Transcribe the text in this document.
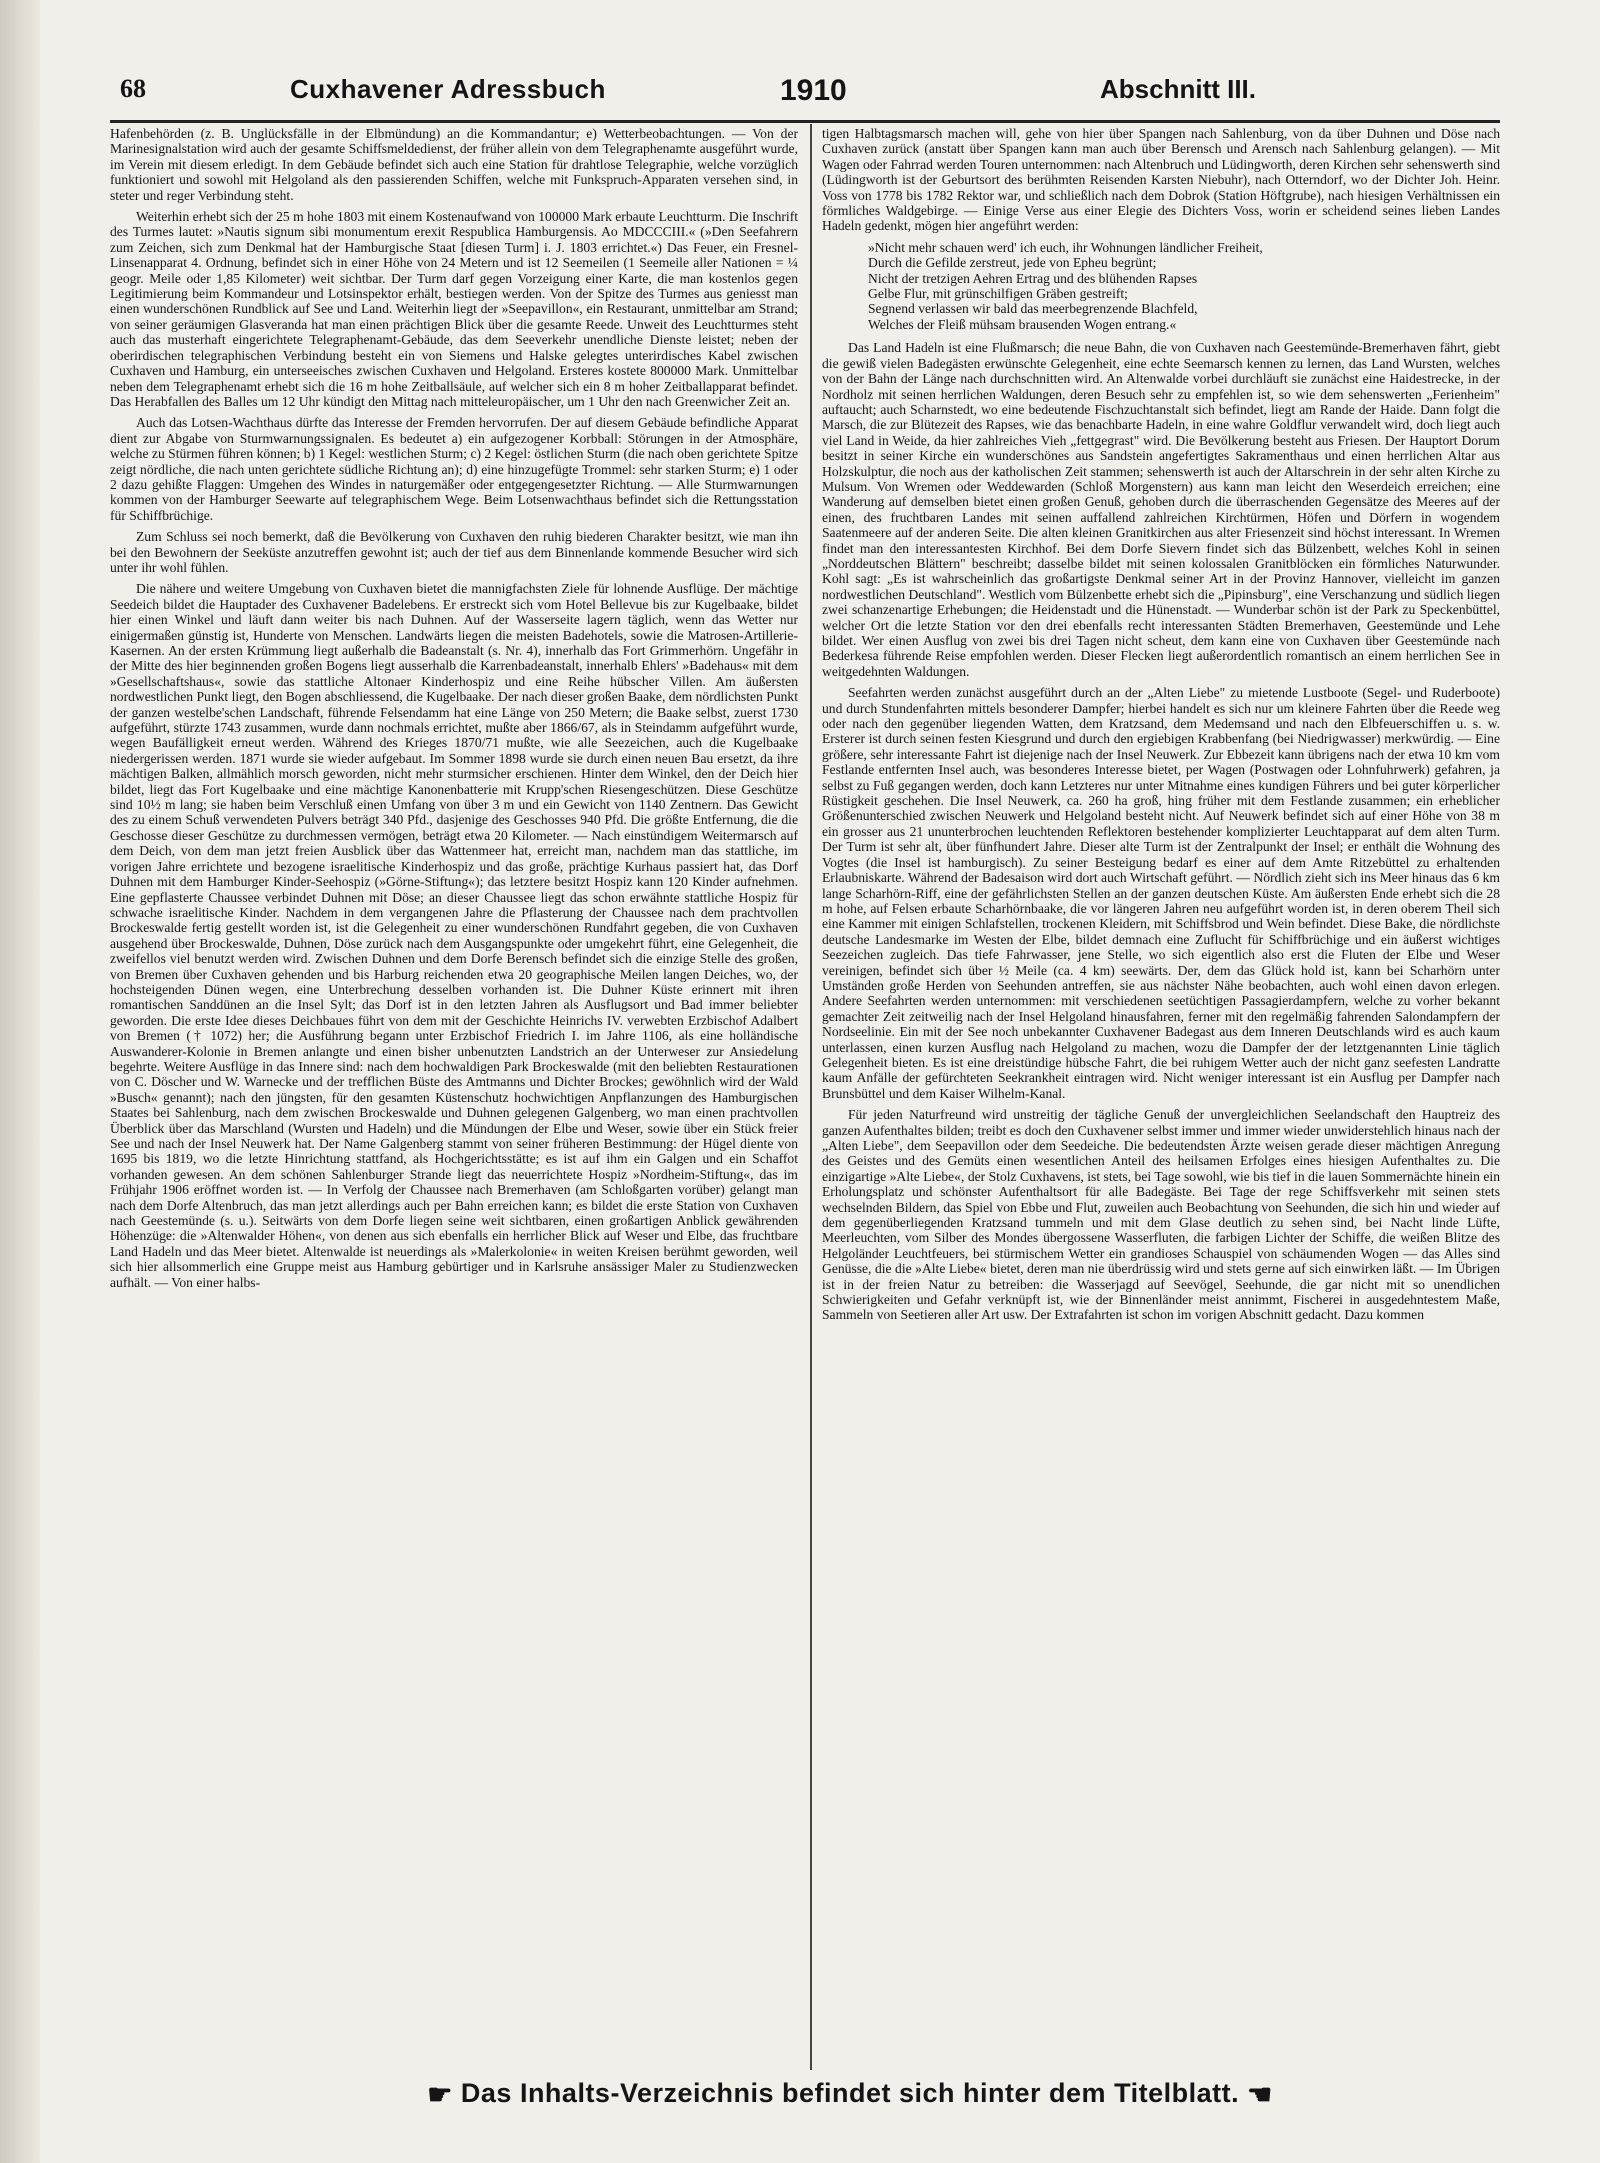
68	Cuxhavener Adressbuch	1910	Abschnitt III.

Hafenbehörden (z. B. Unglücksfälle in der Elbmündung) an die Kommandantur; e) Wetterbeobachtungen. — Von der Marinesignalstation wird auch der gesamte Schiffsmeldedienst, der früher allein von dem Telegraphenamte ausgeführt wurde, im Verein mit diesem erledigt. In dem Gebäude befindet sich auch eine Station für drahtlose Telegraphie, welche vorzüglich funktioniert und sowohl mit Helgoland als den passierenden Schiffen, welche mit Funkspruch-Apparaten versehen sind, in steter und reger Verbindung steht.

Weiterhin erhebt sich der 25 m hohe 1803 mit einem Kostenaufwand von 100000 Mark erbaute Leuchtturm. Die Inschrift des Turmes lautet: »Nautis signum sibi monumentum erexit Respublica Hamburgensis. Ao MDCCCIII.« (»Den Seefahrern zum Zeichen, sich zum Denkmal hat der Hamburgische Staat [diesen Turm] i. J. 1803 errichtet.«) Das Feuer, ein Fresnel-Linsenapparat 4. Ordnung, befindet sich in einer Höhe von 24 Metern und ist 12 Seemeilen (1 Seemeile aller Nationen = ¼ geogr. Meile oder 1,85 Kilometer) weit sichtbar. Der Turm darf gegen Vorzeigung einer Karte, die man kostenlos gegen Legitimierung beim Kommandeur und Lotsinspektor erhält, bestiegen werden. Von der Spitze des Turmes aus geniesst man einen wunderschönen Rundblick auf See und Land. Weiterhin liegt der »Seepavillon«, ein Restaurant, unmittelbar am Strand; von seiner geräumigen Glasveranda hat man einen prächtigen Blick über die gesamte Reede. Unweit des Leuchtturmes steht auch das musterhaft eingerichtete Telegraphenamt-Gebäude, das dem Seeverkehr unendliche Dienste leistet; neben der oberirdischen telegraphischen Verbindung besteht ein von Siemens und Halske gelegtes unterirdisches Kabel zwischen Cuxhaven und Hamburg, ein unterseeisches zwischen Cuxhaven und Helgoland. Ersteres kostete 800000 Mark. Unmittelbar neben dem Telegraphenamt erhebt sich die 16 m hohe Zeitballsäule, auf welcher sich ein 8 m hoher Zeitballapparat befindet. Das Herabfallen des Balles um 12 Uhr kündigt den Mittag nach mitteleuropäischer, um 1 Uhr den nach Greenwicher Zeit an.

Auch das Lotsen-Wachthaus dürfte das Interesse der Fremden hervorrufen. Der auf diesem Gebäude befindliche Apparat dient zur Abgabe von Sturmwarnungssignalen. Es bedeutet a) ein aufgezogener Korbball: Störungen in der Atmosphäre, welche zu Stürmen führen können; b) 1 Kegel: westlichen Sturm; c) 2 Kegel: östlichen Sturm (die nach oben gerichtete Spitze zeigt nördliche, die nach unten gerichtete südliche Richtung an); d) eine hinzugefügte Trommel: sehr starken Sturm; e) 1 oder 2 dazu gehißte Flaggen: Umgehen des Windes in naturgemäßer oder entgegengesetzter Richtung. — Alle Sturmwarnungen kommen von der Hamburger Seewarte auf telegraphischem Wege. Beim Lotsenwachthaus befindet sich die Rettungsstation für Schiffbrüchige.

Zum Schluss sei noch bemerkt, daß die Bevölkerung von Cuxhaven den ruhig biederen Charakter besitzt, wie man ihn bei den Bewohnern der Seeküste anzutreffen gewohnt ist; auch der tief aus dem Binnenlande kommende Besucher wird sich unter ihr wohl fühlen.

Die nähere und weitere Umgebung von Cuxhaven bietet die mannigfachsten Ziele für lohnende Ausflüge. Der mächtige Seedeich bildet die Hauptader des Cuxhavener Badelebens. Er erstreckt sich vom Hotel Bellevue bis zur Kugelbaake, bildet hier einen Winkel und läuft dann weiter bis nach Duhnen. Auf der Wasserseite lagern täglich, wenn das Wetter nur einigermaßen günstig ist, Hunderte von Menschen. Landwärts liegen die meisten Badehotels, sowie die Matrosen-Artillerie-Kasernen. An der ersten Krümmung liegt außerhalb die Badeanstalt (s. Nr. 4), innerhalb das Fort Grimmerhörn. Ungefähr in der Mitte des hier beginnenden großen Bogens liegt ausserhalb die Karrenbadeanstalt, innerhalb Ehlers' »Badehaus« mit dem »Gesellschaftshaus«, sowie das stattliche Altonaer Kinderhospiz und eine Reihe hübscher Villen. Am äußersten nordwestlichen Punkt liegt, den Bogen abschliessend, die Kugelbaake. Der nach dieser großen Baake, dem nördlichsten Punkt der ganzen westelbe'schen Landschaft, führende Felsendamm hat eine Länge von 250 Metern; die Baake selbst, zuerst 1730 aufgeführt, stürzte 1743 zusammen, wurde dann nochmals errichtet, mußte aber 1866/67, als in Steindamm aufgeführt wurde, wegen Baufälligkeit erneut werden. Während des Krieges 1870/71 mußte, wie alle Seezeichen, auch die Kugelbaake niedergerissen werden. 1871 wurde sie wieder aufgebaut. Im Sommer 1898 wurde sie durch einen neuen Bau ersetzt, da ihre mächtigen Balken, allmählich morsch geworden, nicht mehr sturmsicher erschienen. Hinter dem Winkel, den der Deich hier bildet, liegt das Fort Kugelbaake und eine mächtige Kanonenbatterie mit Krupp'schen Riesengeschützen. Diese Geschütze sind 10½ m lang; sie haben beim Verschluß einen Umfang von über 3 m und ein Gewicht von 1140 Zentnern. Das Gewicht des zu einem Schuß verwendeten Pulvers beträgt 340 Pfd., dasjenige des Geschosses 940 Pfd. Die größte Entfernung, die die Geschosse dieser Geschütze zu durchmessen vermögen, beträgt etwa 20 Kilometer. — Nach einstündigem Weitermarsch auf dem Deich, von dem man jetzt freien Ausblick über das Wattenmeer hat, erreicht man, nachdem man das stattliche, im vorigen Jahre errichtete und bezogene israelitische Kinderhospiz und das große, prächtige Kurhaus passiert hat, das Dorf Duhnen mit dem Hamburger Kinder-Seehospiz (»Görne-Stiftung«); das letztere besitzt Hospiz kann 120 Kinder aufnehmen. Eine gepflasterte Chaussee verbindet Duhnen mit Döse; an dieser Chaussee liegt das schon erwähnte stattliche Hospiz für schwache israelitische Kinder. Nachdem in dem vergangenen Jahre die Pflasterung der Chaussee nach dem prachtvollen Brockeswalde fertig gestellt worden ist, ist die Gelegenheit zu einer wunderschönen Rundfahrt gegeben, die von Cuxhaven ausgehend über Brockeswalde, Duhnen, Döse zurück nach dem Ausgangspunkte oder umgekehrt führt, eine Gelegenheit, die zweifellos viel benutzt werden wird. Zwischen Duhnen und dem Dorfe Berensch befindet sich die einzige Stelle des großen, von Bremen über Cuxhaven gehenden und bis Harburg reichenden etwa 20 geographische Meilen langen Deiches, wo, der hochsteigenden Dünen wegen, eine Unterbrechung desselben vorhanden ist. Die Duhner Küste erinnert mit ihren romantischen Sanddünen an die Insel Sylt; das Dorf ist in den letzten Jahren als Ausflugsort und Bad immer beliebter geworden. Die erste Idee dieses Deichbaues führt von dem mit der Geschichte Heinrichs IV. verwebten Erzbischof Adalbert von Bremen († 1072) her; die Ausführung begann unter Erzbischof Friedrich I. im Jahre 1106, als eine holländische Auswanderer-Kolonie in Bremen anlangte und einen bisher unbenutzten Landstrich an der Unterweser zur Ansiedelung begehrte. Weitere Ausflüge in das Innere sind: nach dem hochwaldigen Park Brockeswalde (mit den beliebten Restaurationen von C. Döscher und W. Warnecke und der trefflichen Büste des Amtmanns und Dichter Brockes; gewöhnlich wird der Wald »Busch« genannt); nach den jüngsten, für den gesamten Küstenschutz hochwichtigen Anpflanzungen des Hamburgischen Staates bei Sahlenburg, nach dem zwischen Brockeswalde und Duhnen gelegenen Galgenberg, wo man einen prachtvollen Überblick über das Marschland (Wursten und Hadeln) und die Mündungen der Elbe und Weser, sowie über ein Stück freier See und nach der Insel Neuwerk hat. Der Name Galgenberg stammt von seiner früheren Bestimmung: der Hügel diente von 1695 bis 1819, wo die letzte Hinrichtung stattfand, als Hochgerichtsstätte; es ist auf ihm ein Galgen und ein Schaffot vorhanden gewesen. An dem schönen Sahlenburger Strande liegt das neuerrichtete Hospiz »Nordheim-Stiftung«, das im Frühjahr 1906 eröffnet worden ist. — In Verfolg der Chaussee nach Bremerhaven (am Schloßgarten vorüber) gelangt man nach dem Dorfe Altenbruch, das man jetzt allerdings auch per Bahn erreichen kann; es bildet die erste Station von Cuxhaven nach Geestemünde (s. u.). Seitwärts von dem Dorfe liegen seine weit sichtbaren, einen großartigen Anblick gewährenden Höhenzüge: die »Altenwalder Höhen«, von denen aus sich ebenfalls ein herrlicher Blick auf Weser und Elbe, das fruchtbare Land Hadeln und das Meer bietet. Altenwalde ist neuerdings als »Malerkolonie« in weiten Kreisen berühmt geworden, weil sich hier allsommerlich eine Gruppe meist aus Hamburg gebürtiger und in Karlsruhe ansässiger Maler zu Studienzwecken aufhält. — Von einer halbs-

tigen Halbtagsmarsch machen will, gehe von hier über Spangen nach Sahlenburg, von da über Duhnen und Döse nach Cuxhaven zurück (anstatt über Spangen kann man auch über Berensch und Arensch nach Sahlenburg gelangen). — Mit Wagen oder Fahrrad werden Touren unternommen: nach Altenbruch und Lüdingworth, deren Kirchen sehr sehenswerth sind (Lüdingworth ist der Geburtsort des berühmten Reisenden Karsten Niebuhr), nach Otterndorf, wo der Dichter Joh. Heinr. Voss von 1778 bis 1782 Rektor war, und schließlich nach dem Dobrok (Station Höftgrube), nach hiesigen Verhältnissen ein förmliches Waldgebirge. — Einige Verse aus einer Elegie des Dichters Voss, worin er scheidend seines lieben Landes Hadeln gedenkt, mögen hier angeführt werden:

»Nicht mehr schauen werd' ich euch, ihr Wohnungen ländlicher Freiheit,
Durch die Gefilde zerstreut, jede von Epheu begrünt;
Nicht der tretzigen Aehren Ertrag und des blühenden Rapses
Gelbe Flur, mit grünschilfigen Gräben gestreift;
Segnend verlassen wir bald das meerbegrenzende Blachfeld,
Welches der Fleiß mühsam brausenden Wogen entrang.«

Das Land Hadeln ist eine Flußmarsch; die neue Bahn, die von Cuxhaven nach Geestemünde-Bremerhaven fährt, giebt die gewiß vielen Badegästen erwünschte Gelegenheit, eine echte Seemarsch kennen zu lernen, das Land Wursten, welches von der Bahn der Länge nach durchschnitten wird. An Altenwalde vorbei durchläuft sie zunächst eine Haidestrecke, in der Nordholz mit seinen herrlichen Waldungen, deren Besuch sehr zu empfehlen ist, so wie dem sehenswerten „Ferienheim" auftaucht; auch Scharnstedt, wo eine bedeutende Fischzuchtanstalt sich befindet, liegt am Rande der Haide. Dann folgt die Marsch, die zur Blütezeit des Rapses, wie das benachbarte Hadeln, in eine wahre Goldflur verwandelt wird, doch liegt auch viel Land in Weide, da hier zahlreiches Vieh „fettgegrast" wird. Die Bevölkerung besteht aus Friesen. Der Hauptort Dorum besitzt in seiner Kirche ein wunderschönes aus Sandstein angefertigtes Sakramenthaus und einen herrlichen Altar aus Holzskulptur, die noch aus der katholischen Zeit stammen; sehenswerth ist auch der Altarschrein in der sehr alten Kirche zu Mulsum. Von Wremen oder Weddewarden (Schloß Morgenstern) aus kann man leicht den Weserdeich erreichen; eine Wanderung auf demselben bietet einen großen Genuß, gehoben durch die überraschenden Gegensätze des Meeres auf der einen, des fruchtbaren Landes mit seinen auffallend zahlreichen Kirchtürmen, Höfen und Dörfern in wogendem Saatenmeere auf der anderen Seite. Die alten kleinen Granitkirchen aus alter Friesenzeit sind höchst interessant. In Wremen findet man den interessantesten Kirchhof. Bei dem Dorfe Sievern findet sich das Bülzenbett, welches Kohl in seinen „Norddeutschen Blättern" beschreibt; dasselbe bildet mit seinen kolossalen Granitblöcken ein förmliches Naturwunder. Kohl sagt: „Es ist wahrscheinlich das großartigste Denkmal seiner Art in der Provinz Hannover, vielleicht im ganzen nordwestlichen Deutschland". Westlich vom Bülzenbette erhebt sich die „Pipinsburg", eine Verschanzung und südlich liegen zwei schanzenartige Erhebungen; die Heidenstadt und die Hünenstadt. — Wunderbar schön ist der Park zu Speckenbüttel, welcher Ort die letzte Station vor den drei ebenfalls recht interessanten Städten Bremerhaven, Geestemünde und Lehe bildet. Wer einen Ausflug von zwei bis drei Tagen nicht scheut, dem kann eine von Cuxhaven über Geestemünde nach Bederkesa führende Reise empfohlen werden. Dieser Flecken liegt außerordentlich romantisch an einem herrlichen See in weitgedehnten Waldungen.

Seefahrten werden zunächst ausgeführt durch an der „Alten Liebe" zu mietende Lustboote (Segel- und Ruderboote) und durch Stundenfahrten mittels besonderer Dampfer; hierbei handelt es sich nur um kleinere Fahrten über die Reede weg oder nach den gegenüber liegenden Watten, dem Kratzsand, dem Medemsand und nach den Elbfeuerschiffen u. s. w. Ersterer ist durch seinen festen Kiesgrund und durch den ergiebigen Krabbenfang (bei Niedrigwasser) merkwürdig. — Eine größere, sehr interessante Fahrt ist diejenige nach der Insel Neuwerk. Zur Ebbezeit kann übrigens nach der etwa 10 km vom Festlande entfernten Insel auch, was besonderes Interesse bietet, per Wagen (Postwagen oder Lohnfuhrwerk) gefahren, ja selbst zu Fuß gegangen werden, doch kann Letzteres nur unter Mitnahme eines kundigen Führers und bei guter körperlicher Rüstigkeit geschehen. Die Insel Neuwerk, ca. 260 ha groß, hing früher mit dem Festlande zusammen; ein erheblicher Größenunterschied zwischen Neuwerk und Helgoland besteht nicht. Auf Neuwerk befindet sich auf einer Höhe von 38 m ein grosser aus 21 ununterbrochen leuchtenden Reflektoren bestehender komplizierter Leuchtapparat auf dem alten Turm. Der Turm ist sehr alt, über fünfhundert Jahre. Dieser alte Turm ist der Zentralpunkt der Insel; er enthält die Wohnung des Vogtes (die Insel ist hamburgisch). Zu seiner Besteigung bedarf es einer auf dem Amte Ritzebüttel zu erhaltenden Erlaubniskarte. Während der Badesaison wird dort auch Wirtschaft geführt. — Nördlich zieht sich ins Meer hinaus das 6 km lange Scharhörn-Riff, eine der gefährlichsten Stellen an der ganzen deutschen Küste. Am äußersten Ende erhebt sich die 28 m hohe, auf Felsen erbaute Scharhörnbaake, die vor längeren Jahren neu aufgeführt worden ist, in deren oberem Theil sich eine Kammer mit einigen Schlafstellen, trockenen Kleidern, mit Schiffsbrod und Wein befindet. Diese Bake, die nördlichste deutsche Landesmarke im Westen der Elbe, bildet demnach eine Zuflucht für Schiffbrüchige und ein äußerst wichtiges Seezeichen zugleich. Das tiefe Fahrwasser, jene Stelle, wo sich eigentlich also erst die Fluten der Elbe und Weser vereinigen, befindet sich über ½ Meile (ca. 4 km) seewärts. Der, dem das Glück hold ist, kann bei Scharhörn unter Umständen große Herden von Seehunden antreffen, sie aus nächster Nähe beobachten, auch wohl einen davon erlegen. Andere Seefahrten werden unternommen: mit verschiedenen seetüchtigen Passagierdampfern, welche zu vorher bekannt gemachter Zeit zeitweilig nach der Insel Helgoland hinausfahren, ferner mit den regelmäßig fahrenden Salondampfern der Nordseelinie. Ein mit der See noch unbekannter Cuxhavener Badegast aus dem Inneren Deutschlands wird es auch kaum unterlassen, einen kurzen Ausflug nach Helgoland zu machen, wozu die Dampfer der der letztgenannten Linie täglich Gelegenheit bieten. Es ist eine dreistündige hübsche Fahrt, die bei ruhigem Wetter auch der nicht ganz seefesten Landratte kaum Anfälle der gefürchteten Seekrankheit eintragen wird. Nicht weniger interessant ist ein Ausflug per Dampfer nach Brunsbüttel und dem Kaiser Wilhelm-Kanal.

Für jeden Naturfreund wird unstreitig der tägliche Genuß der unvergleichlichen Seelandschaft den Hauptreiz des ganzen Aufenthaltes bilden; treibt es doch den Cuxhavener selbst immer und immer wieder unwiderstehlich hinaus nach der „Alten Liebe", dem Seepavillon oder dem Seedeiche. Die bedeutendsten Ärzte weisen gerade dieser mächtigen Anregung des Geistes und des Gemüts einen wesentlichen Anteil des heilsamen Erfolges eines hiesigen Aufenthaltes zu. Die einzigartige »Alte Liebe«, der Stolz Cuxhavens, ist stets, bei Tage sowohl, wie bis tief in die lauen Sommernächte hinein ein Erholungsplatz und schönster Aufenthaltsort für alle Badegäste. Bei Tage der rege Schiffsverkehr mit seinen stets wechselnden Bildern, das Spiel von Ebbe und Flut, zuweilen auch Beobachtung von Seehunden, die sich hin und wieder auf dem gegenüberliegenden Kratzsand tummeln und mit dem Glase deutlich zu sehen sind, bei Nacht linde Lüfte, Meerleuchten, vom Silber des Mondes übergossene Wasserfluten, die farbigen Lichter der Schiffe, die weißen Blitze des Helgoländer Leuchtfeuers, bei stürmischem Wetter ein grandioses Schauspiel von schäumenden Wogen — das Alles sind Genüsse, die die »Alte Liebe« bietet, deren man nie überdrüssig wird und stets gerne auf sich einwirken läßt. — Im Übrigen ist in der freien Natur zu betreiben: die Wasserjagd auf Seevögel, Seehunde, die gar nicht mit so unendlichen Schwierigkeiten und Gefahr verknüpft ist, wie der Binnenländer meist annimmt, Fischerei in ausgedehntestem Maße, Sammeln von Seetieren aller Art usw. Der Extrafahrten ist schon im vorigen Abschnitt gedacht. Dazu kommen

☛ Das Inhalts-Verzeichnis befindet sich hinter dem Titelblatt. ☚
